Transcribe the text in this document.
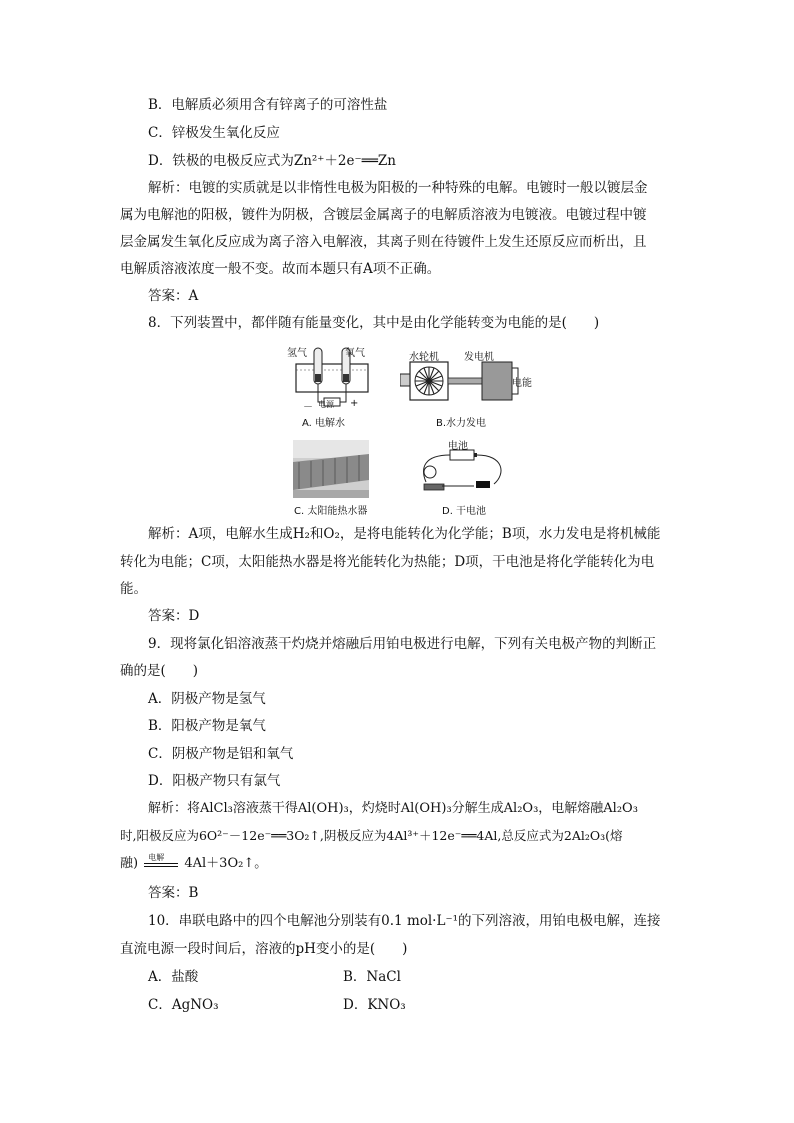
B．电解质必须用含有锌离子的可溶性盐
C．锌极发生氧化反应
D．铁极的电极反应式为Zn²⁺＋2e⁻══Zn
解析：电镀的实质就是以非惰性电极为阳极的一种特殊的电解。电镀时一般以镀层金
属为电解池的阳极，镀件为阴极，含镀层金属离子的电解质溶液为电镀液。电镀过程中镀
层金属发生氧化反应成为离子溶入电解液，其离子则在待镀件上发生还原反应而析出，且
电解质溶液浓度一般不变。故而本题只有A项不正确。
答案：A
8．下列装置中，都伴随有能量变化，其中是由化学能转变为电能的是(　　)
氢气	氧气
电源
－	+
A. 电解水
水轮机	发电机
电能
B.水力发电
C. 太阳能热水器
电池
D. 干电池
解析：A项，电解水生成H₂和O₂，是将电能转化为化学能；B项，水力发电是将机械能
转化为电能；C项，太阳能热水器是将光能转化为热能；D项，干电池是将化学能转化为电
能。
答案：D
9．现将氯化铝溶液蒸干灼烧并熔融后用铂电极进行电解，下列有关电极产物的判断正
确的是(　　)
A．阴极产物是氢气
B．阳极产物是氧气
C．阴极产物是铝和氧气
D．阳极产物只有氯气
解析：将AlCl₃溶液蒸干得Al(OH)₃，灼烧时Al(OH)₃分解生成Al₂O₃，电解熔融Al₂O₃
时,阳极反应为6O²⁻－12e⁻══3O₂↑,阴极反应为4Al³⁺＋12e⁻══4Al,总反应式为2Al₂O₃(熔
融) 电解 4Al＋3O₂↑。
答案：B
10．串联电路中的四个电解池分别装有0.1 mol·L⁻¹的下列溶液，用铂电极电解，连接
直流电源一段时间后，溶液的pH变小的是(　　)
A．盐酸	B．NaCl
C．AgNO₃	D．KNO₃
